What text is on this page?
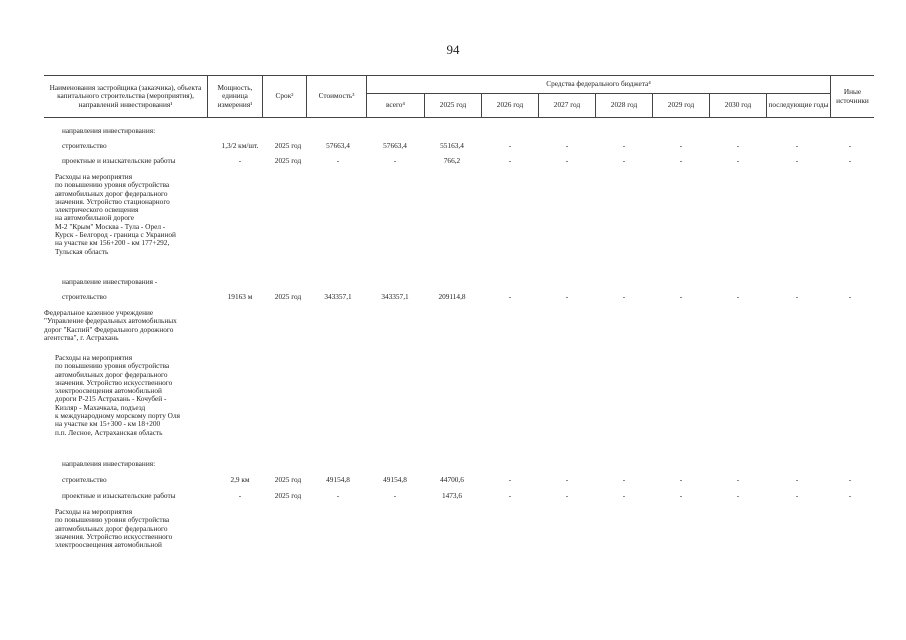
94
Наименования застройщика (заказчика), объекта капитального строительства (мероприятия), направлений инвестирования¹
Мощность, единица измерения¹
Срок²	Стоимость³
Средства федерального бюджета⁴
всего⁴	2025 год	2026 год	2027 год	2028 год	2029 год	2030 год	последующие годы
Иные источники
направления инвестирования:
строительство	1,3/2 км/шт.	2025 год	57663,4	57663,4	55163,4	-	-	-	-	-	-	-
проектные и изыскательские работы	-	2025 год	-	-	766,2	-	-	-	-	-	-	-
Расходы на мероприятия
по повышению уровня обустройства
автомобильных дорог федерального
значения. Устройство стационарного
электрического освещения
на автомобильной дороге
М-2 "Крым" Москва - Тула - Орел -
Курск - Белгород - граница с Украиной
на участке км 156+200 - км 177+292,
Тульская область
направление инвестирования -
строительство	19163 м	2025 год	343357,1	343357,1	209114,8	-	-	-	-	-	-	-
Федеральное казенное учреждение
"Управление федеральных автомобильных
дорог "Каспий" Федерального дорожного
агентства", г. Астрахань
Расходы на мероприятия
по повышению уровня обустройства
автомобильных дорог федерального
значения. Устройство искусственного
электроосвещения автомобильной
дороги Р-215 Астрахань - Кочубей -
Кизляр - Махачкала, подъезд
к международному морскому порту Оля
на участке км 15+300 - км 18+200
п.п. Лесное, Астраханская область
направления инвестирования:
строительство	2,9 км	2025 год	49154,8	49154,8	44700,6	-	-	-	-	-	-	-
проектные и изыскательские работы	-	2025 год	-	-	1473,6	-	-	-	-	-	-	-
Расходы на мероприятия
по повышению уровня обустройства
автомобильных дорог федерального
значения. Устройство искусственного
электроосвещения автомобильной
